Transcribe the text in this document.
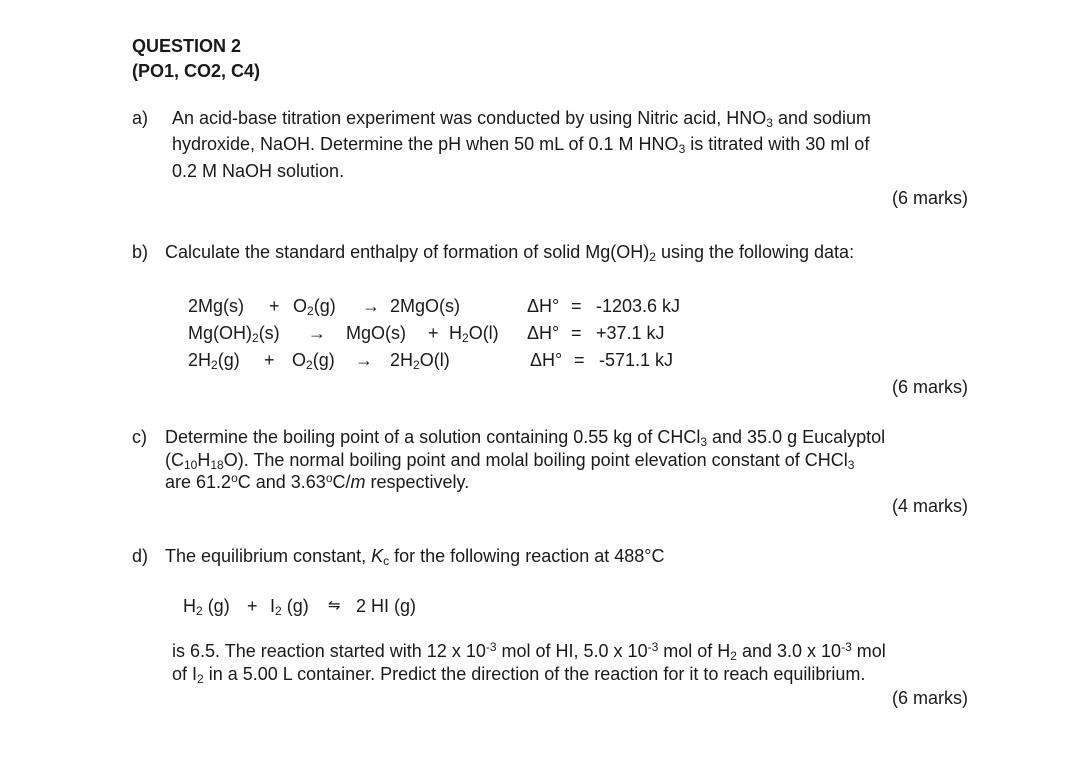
QUESTION 2
(PO1, CO2, C4)
a) An acid-base titration experiment was conducted by using Nitric acid, $HNO_3$ and sodium
hydroxide, NaOH. Determine the pH when 50 mL of 0.1 M $HNO_3$ is titrated with 30 ml of
0.2 M NaOH solution.
(6 marks)
b) Calculate the standard enthalpy of formation of solid $Mg(OH)_2$ using the following data:
$2Mg(s) + O_2(g) \to 2MgO(s)$	ΔH° = -1203.6 kJ
$Mg(OH)_2(s) \to MgO(s) + H_2O(l) \Delta H^\circ = +37.1$ kJ
$2H_2(g) + O_2(g) \to 2H_2O(l)$	ΔH° = -571.1 kJ
(6 marks)
c) Determine the boiling point of a solution containing 0.55 kg of CHCl$_3$ and 35.0 g Eucalyptol
$(C_{10}H_{18}O)$. The normal boiling point and molal boiling point elevation constant of CHCl$_3$
are 61.2$^o$C and 3.63$^o$C/m respectively.
(4 marks)
d) The equilibrium constant, $K_c$ for the following reaction at 488°C
$H_2$ $(g) + I_2$ (g) ⇋ 2 HI (g)
is 6.5. The reaction started with 12 x $10^{-3}$ mol of HI, 5.0 x $10^{-3}$ mol of $H_2$ and 3.0 x $10^{-3}$ mol
of $I_2$ in a 5.00 L container. Predict the direction of the reaction for it to reach equilibrium.
(6 marks)
